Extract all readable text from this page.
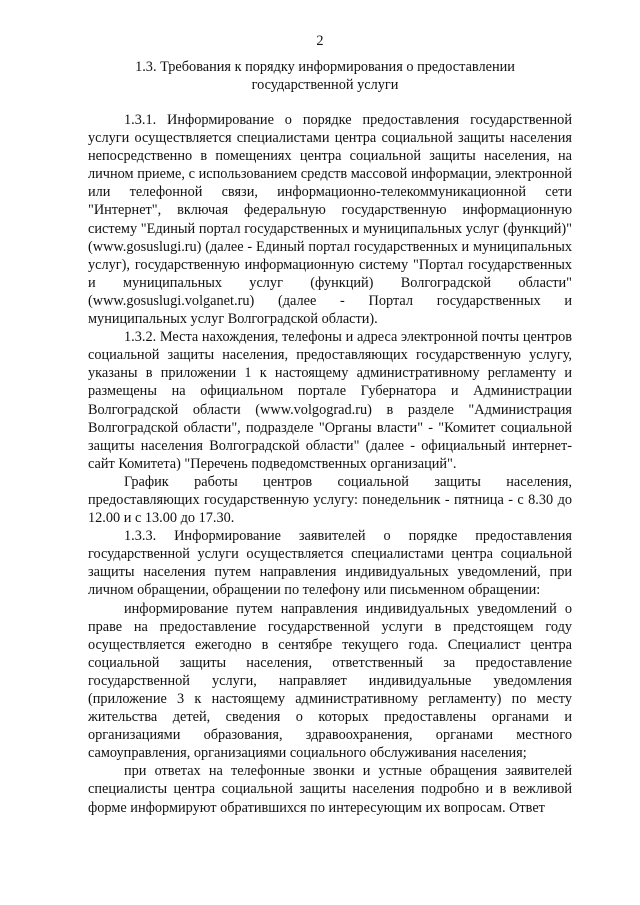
2
1.3. Требования к порядку информирования о предоставлении государственной услуги

1.3.1. Информирование о порядке предоставления государственной услуги осуществляется специалистами центра социальной защиты населения непосредственно в помещениях центра социальной защиты населения, на личном приеме, с использованием средств массовой информации, электронной или телефонной связи, информационно-телекоммуникационной сети "Интернет", включая федеральную государственную информационную систему "Единый портал государственных и муниципальных услуг (функций)" (www.gosuslugi.ru) (далее - Единый портал государственных и муниципальных услуг), государственную информационную систему "Портал государственных и муниципальных услуг (функций) Волгоградской области" (www.gosuslugi.volganet.ru) (далее - Портал государственных и муниципальных услуг Волгоградской области).

1.3.2. Места нахождения, телефоны и адреса электронной почты центров социальной защиты населения, предоставляющих государственную услугу, указаны в приложении 1 к настоящему административному регламенту и размещены на официальном портале Губернатора и Администрации Волгоградской области (www.volgograd.ru) в разделе "Администрация Волгоградской области", подразделе "Органы власти" - "Комитет социальной защиты населения Волгоградской области" (далее - официальный интернет-сайт Комитета) "Перечень подведомственных организаций".

График работы центров социальной защиты населения, предоставляющих государственную услугу: понедельник - пятница - с 8.30 до 12.00 и с 13.00 до 17.30.

1.3.3. Информирование заявителей о порядке предоставления государственной услуги осуществляется специалистами центра социальной защиты населения путем направления индивидуальных уведомлений, при личном обращении, обращении по телефону или письменном обращении:

информирование путем направления индивидуальных уведомлений о праве на предоставление государственной услуги в предстоящем году осуществляется ежегодно в сентябре текущего года. Специалист центра социальной защиты населения, ответственный за предоставление государственной услуги, направляет индивидуальные уведомления (приложение 3 к настоящему административному регламенту) по месту жительства детей, сведения о которых предоставлены органами и организациями образования, здравоохранения, органами местного самоуправления, организациями социального обслуживания населения;

при ответах на телефонные звонки и устные обращения заявителей специалисты центра социальной защиты населения подробно и в вежливой форме информируют обратившихся по интересующим их вопросам. Ответ
